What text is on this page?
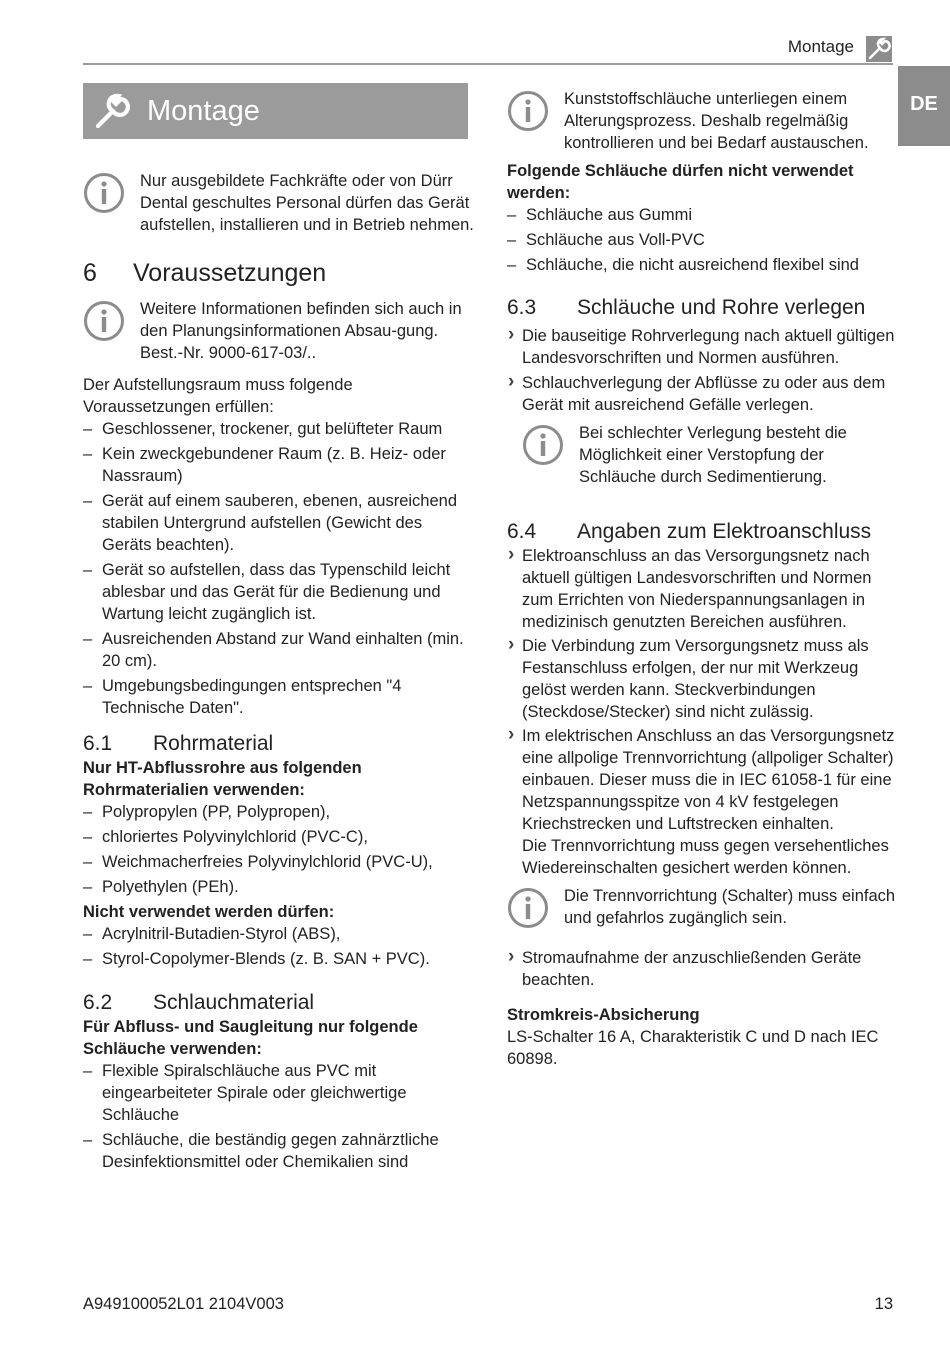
Montage
DE
Montage

Nur ausgebildete Fachkräfte oder von Dürr Dental geschultes Personal dürfen das Gerät aufstellen, installieren und in Betrieb nehmen.

6 Voraussetzungen

Weitere Informationen befinden sich auch in den Planungsinformationen Absau-gung. Best.-Nr. 9000-617-03/..

Der Aufstellungsraum muss folgende Voraussetzungen erfüllen:

– Geschlossener, trockener, gut belüfteter Raum
– Kein zweckgebundener Raum (z. B. Heiz- oder Nassraum)
– Gerät auf einem sauberen, ebenen, ausreichend stabilen Untergrund aufstellen (Gewicht des Geräts beachten).
– Gerät so aufstellen, dass das Typenschild leicht ablesbar und das Gerät für die Bedienung und Wartung leicht zugänglich ist.
– Ausreichenden Abstand zur Wand einhalten (min. 20 cm).
– Umgebungsbedingungen entsprechen "4 Technische Daten".
6.1 Rohrmaterial

Nur HT-Abflussrohre aus folgenden Rohrmaterialien verwenden:

– Polypropylen (PP, Polypropen),
– chloriertes Polyvinylchlorid (PVC-C),
– Weichmacherfreies Polyvinylchlorid (PVC-U),
– Polyethylen (PEh).

Nicht verwendet werden dürfen:

– Acrylnitril-Butadien-Styrol (ABS),
– Styrol-Copolymer-Blends (z. B. SAN + PVC).
6.2 Schlauchmaterial

Für Abfluss- und Saugleitung nur folgende Schläuche verwenden:

– Flexible Spiralschläuche aus PVC mit eingearbeiteter Spirale oder gleichwertige Schläuche
– Schläuche, die beständig gegen zahnärztliche Desinfektionsmittel oder Chemikalien sind

Kunststoffschläuche unterliegen einem Alterungsprozess. Deshalb regelmäßig kontrollieren und bei Bedarf austauschen.

Folgende Schläuche dürfen nicht verwendet werden:

– Schläuche aus Gummi
– Schläuche aus Voll-PVC
– Schläuche, die nicht ausreichend flexibel sind
6.3 Schläuche und Rohre verlegen
› Die bauseitige Rohrverlegung nach aktuell gültigen Landesvorschriften und Normen ausführen.
› Schlauchverlegung der Abflüsse zu oder aus dem Gerät mit ausreichend Gefälle verlegen.

Bei schlechter Verlegung besteht die Möglichkeit einer Verstopfung der Schläuche durch Sedimentierung.

6.4 Angaben zum Elektroanschluss
› Elektroanschluss an das Versorgungsnetz nach aktuell gültigen Landesvorschriften und Normen zum Errichten von Niederspannungsanlagen in medizinisch genutzten Bereichen ausführen.
› Die Verbindung zum Versorgungsnetz muss als Festanschluss erfolgen, der nur mit Werkzeug gelöst werden kann. Steckverbindungen (Steckdose/Stecker) sind nicht zulässig.
› Im elektrischen Anschluss an das Versorgungsnetz eine allpolige Trennvorrichtung (allpoliger Schalter) einbauen. Dieser muss die in IEC 61058-1 für eine Netzspannungsspitze von 4 kV festgelegen Kriechstrecken und Luftstrecken einhalten.
Die Trennvorrichtung muss gegen versehentliches Wiedereinschalten gesichert werden können.

Die Trennvorrichtung (Schalter) muss einfach und gefahrlos zugänglich sein.

› Stromaufnahme der anzuschließenden Geräte beachten.

Stromkreis-Absicherung

LS-Schalter 16 A, Charakteristik C und D nach IEC 60898.

A949100052L01 2104V003	13
